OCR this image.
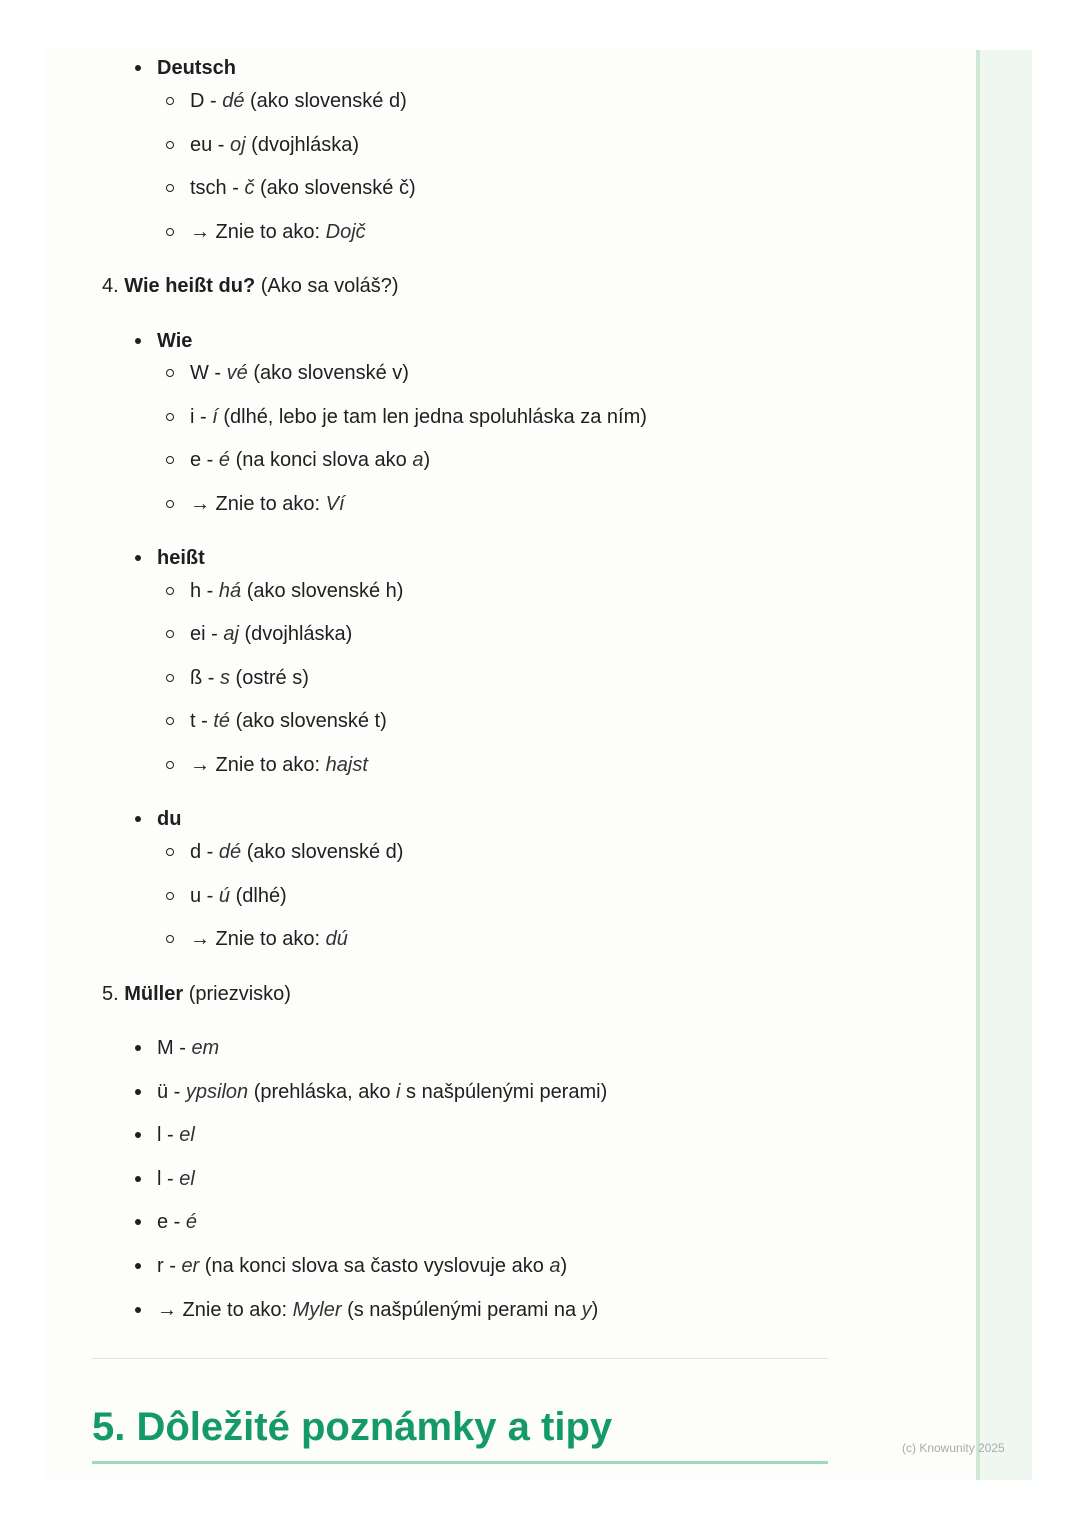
Deutsch
D - dé (ako slovenské d)
eu - oj (dvojhláska)
tsch - č (ako slovenské č)
→ Znie to ako: Dojč
4. Wie heißt du? (Ako sa voláš?)
Wie
W - vé (ako slovenské v)
i - í (dlhé, lebo je tam len jedna spoluhláska za ním)
e - é (na konci slova ako a)
→ Znie to ako: Ví
heißt
h - há (ako slovenské h)
ei - aj (dvojhláska)
ß - s (ostré s)
t - té (ako slovenské t)
→ Znie to ako: hajst
du
d - dé (ako slovenské d)
u - ú (dlhé)
→ Znie to ako: dú
5. Müller (priezvisko)
M - em
ü - ypsilon (prehláska, ako i s našpúlenými perami)
l - el
l - el
e - é
r - er (na konci slova sa často vyslovuje ako a)
→ Znie to ako: Myler (s našpúlenými perami na y)
5. Dôležité poznámky a tipy	(c) Knowunity 2025
